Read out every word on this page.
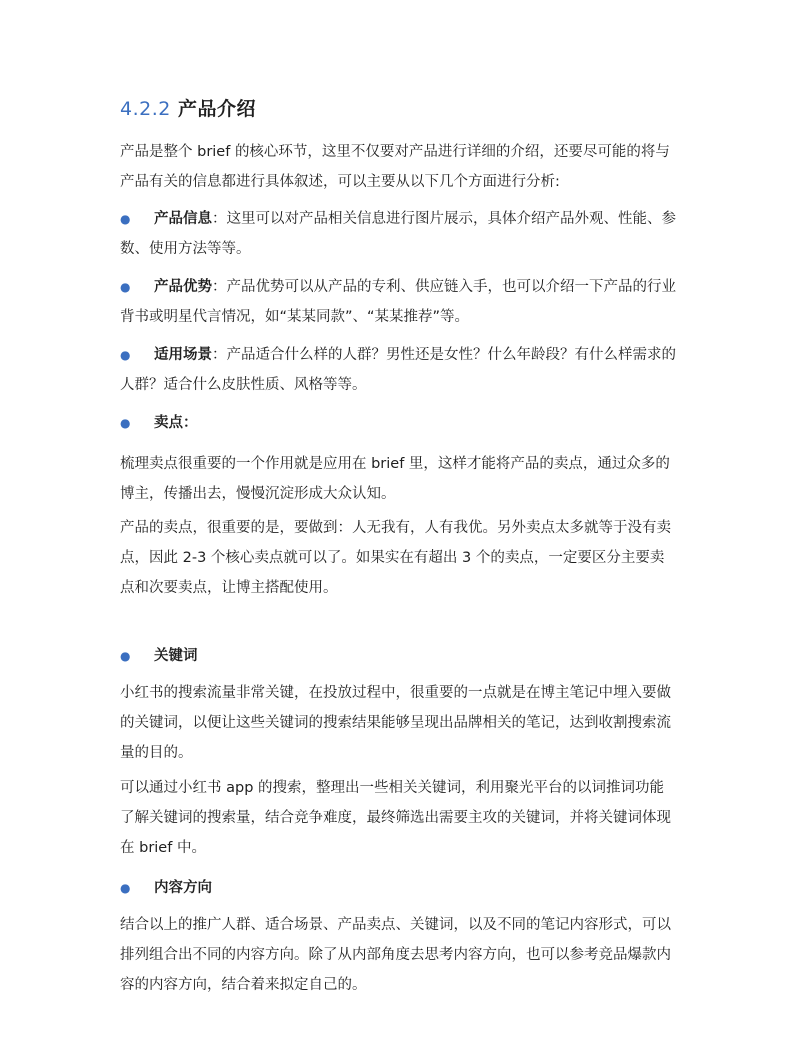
4.2.2 产品介绍
产品是整个 brief 的核心环节，这里不仅要对产品进行详细的介绍，还要尽可能的将与产品有关的信息都进行具体叙述，可以主要从以下几个方面进行分析:
●	产品信息：这里可以对产品相关信息进行图片展示，具体介绍产品外观、性能、参数、使用方法等等。
●	产品优势：产品优势可以从产品的专利、供应链入手，也可以介绍一下产品的行业背书或明星代言情况，如“某某同款”、“某某推荐”等。
●	适用场景：产品适合什么样的人群？男性还是女性？什么年龄段？有什么样需求的人群？适合什么皮肤性质、风格等等。
●	卖点：
梳理卖点很重要的一个作用就是应用在 brief 里，这样才能将产品的卖点，通过众多的博主，传播出去，慢慢沉淀形成大众认知。
产品的卖点，很重要的是，要做到：人无我有，人有我优。另外卖点太多就等于没有卖点，因此 2-3 个核心卖点就可以了。如果实在有超出 3 个的卖点，一定要区分主要卖点和次要卖点，让博主搭配使用。
●	关键词
小红书的搜索流量非常关键，在投放过程中，很重要的一点就是在博主笔记中埋入要做的关键词，以便让这些关键词的搜索结果能够呈现出品牌相关的笔记，达到收割搜索流量的目的。
可以通过小红书 app 的搜索，整理出一些相关关键词，利用聚光平台的以词推词功能了解关键词的搜索量，结合竞争难度，最终筛选出需要主攻的关键词，并将关键词体现在 brief 中。
●	内容方向
结合以上的推广人群、适合场景、产品卖点、关键词，以及不同的笔记内容形式，可以排列组合出不同的内容方向。除了从内部角度去思考内容方向，也可以参考竞品爆款内容的内容方向，结合着来拟定自己的。
